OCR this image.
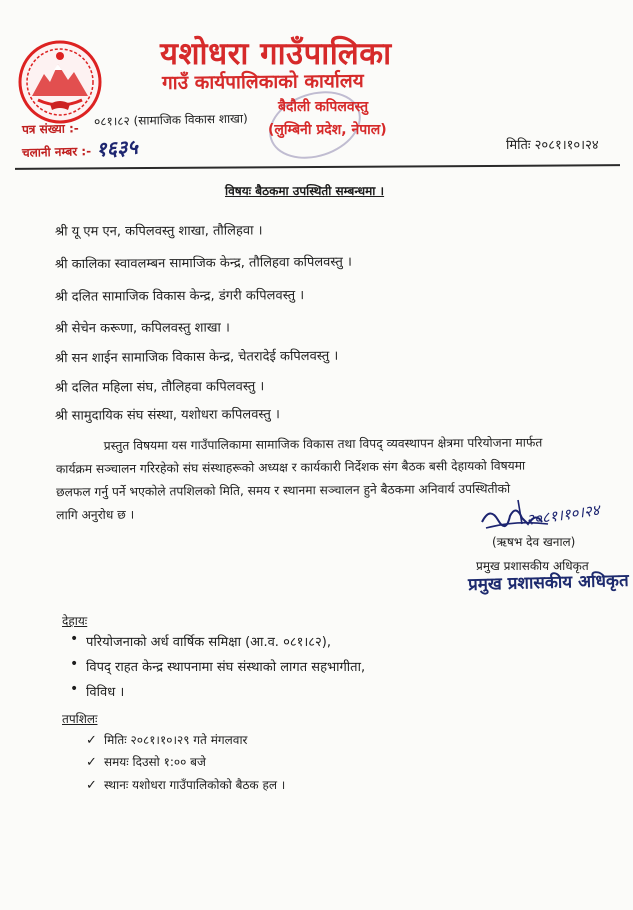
यशोधरा गाउँपालिका
गाउँ कार्यपालिकाको कार्यालय
बैदौली कपिलवस्तु
(लुम्बिनी प्रदेश, नेपाल)
पत्र संख्या :-
०८१।८२ (सामाजिक विकास शाखा)
चलानी नम्बर :- १६३५	मितिः २०८१।१०।२४
विषयः बैठकमा उपस्थिती सम्बन्धमा ।
श्री यू एम एन, कपिलवस्तु शाखा, तौलिहवा ।
श्री कालिका स्वावलम्बन सामाजिक केन्द्र, तौलिहवा कपिलवस्तु ।
श्री दलित सामाजिक विकास केन्द्र, डंगरी कपिलवस्तु ।
श्री सेचेन करूणा, कपिलवस्तु शाखा ।
श्री सन शाईन सामाजिक विकास केन्द्र, चेतरादेई कपिलवस्तु ।
श्री दलित महिला संघ, तौलिहवा कपिलवस्तु ।
श्री सामुदायिक संघ संस्था, यशोधरा कपिलवस्तु ।
प्रस्तुत विषयमा यस गाउँपालिकामा सामाजिक विकास तथा विपद् व्यवस्थापन क्षेत्रमा परियोजना मार्फत
कार्यक्रम सञ्चालन गरिरहेको संघ संस्थाहरूको अध्यक्ष र कार्यकारी निर्देशक संग बैठक बसी देहायको विषयमा
छलफल गर्नु पर्ने भएकोले तपशिलको मिति, समय र स्थानमा सञ्चालन हुने बैठकमा अनिवार्य उपस्थितीको
लागि अनुरोध छ ।	२०८१।१०।२४
(ऋषभ देव खनाल)
प्रमुख प्रशासकीय अधिकृत
प्रमुख प्रशासकीय अधिकृत
देहायः
• परियोजनाको अर्ध वार्षिक समिक्षा (आ.व. ०८१।८२),
• विपद् राहत केन्द्र स्थापनामा संघ संस्थाको लागत सहभागीता,
• विविध ।
तपशिलः
✓ मितिः २०८१।१०।२९ गते मंगलवार
✓ समयः दिउसो १:०० बजे
✓ स्थानः यशोधरा गाउँपालिकोको बैठक हल ।
